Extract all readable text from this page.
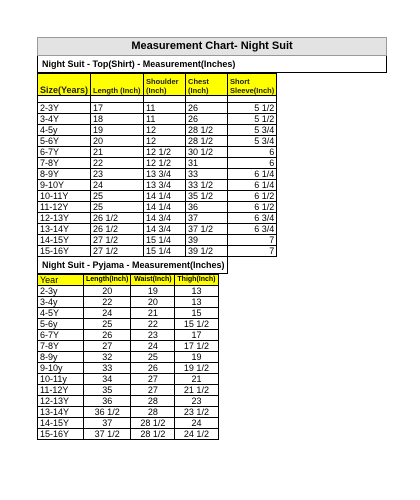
Measurement Chart- Night Suit
Night Suit - Top(Shirt) - Measurement(Inches)
Size(Years)	Length (Inch)	Shoulder (Inch)	Chest (Inch)	Short Sleeve(Inch)

2-3Y	17	11	26	5 1/2
3-4Y	18	11	26	5 1/2
4-5y	19	12	28 1/2	5 3/4
5-6Y	20	12	28 1/2	5 3/4
6-7Y	21	12 1/2	30 1/2	6
7-8Y	22	12 1/2	31	6
8-9Y	23	13 3/4	33	6 1/4
9-10Y	24	13 3/4	33 1/2	6 1/4
10-11Y	25	14 1/4	35 1/2	6 1/2
11-12Y	25	14 1/4	36	6 1/2
12-13Y	26 1/2	14 3/4	37	6 3/4
13-14Y	26 1/2	14 3/4	37 1/2	6 3/4
14-15Y	27 1/2	15 1/4	39	7
15-16Y	27 1/2	15 1/4	39 1/2	7
Night Suit - Pyjama - Measurement(Inches)
Year	Length(Inch)	Waist(Inch)	Thigh(Inch)
2-3y	20	19	13
3-4y	22	20	13
4-5Y	24	21	15
5-6y	25	22	15 1/2
6-7Y	26	23	17
7-8Y	27	24	17 1/2
8-9y	32	25	19
9-10y	33	26	19 1/2
10-11y	34	27	21
11-12Y	35	27	21 1/2
12-13Y	36	28	23
13-14Y	36 1/2	28	23 1/2
14-15Y	37	28 1/2	24
15-16Y	37 1/2	28 1/2	24 1/2
